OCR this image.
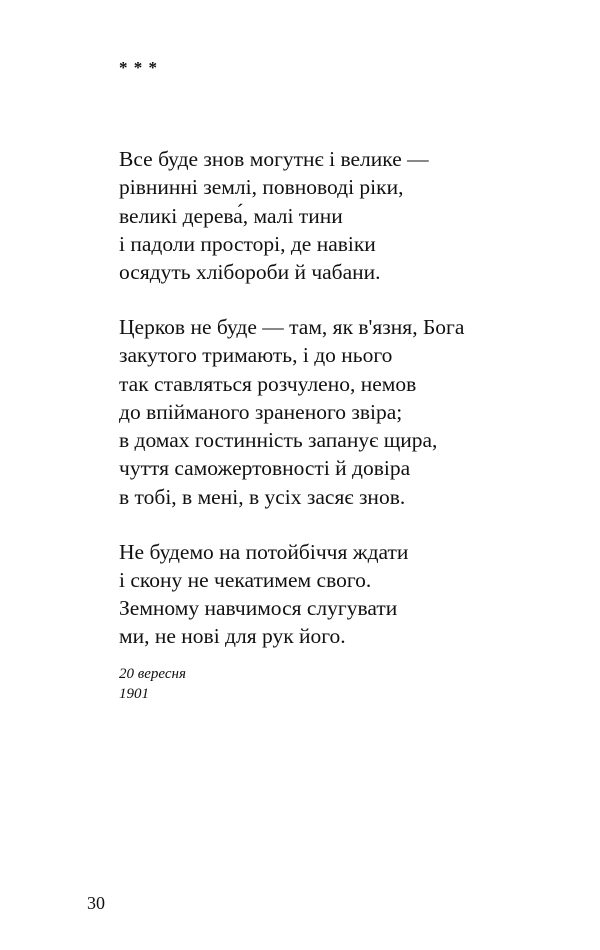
* * *
Все буде знов могутнє і велике —
рівнинні землі, повноводі ріки,
великі дерева́, малі тини
і падоли просторі, де навіки
осядуть хлібороби й чабани.
Церков не буде — там, як в'язня, Бога
закутого тримають, і до нього
так ставляться розчулено, немов
до впійманого зраненого звіра;
в домах гостинність запанує щира,
чуття саможертовності й довіра
в тобі, в мені, в усіх засяє знов.
Не будемо на потойбіччя ждати
і скону не чекатимем свого.
Земному навчимося слугувати
ми, не нові для рук його.
20 вересня
1901
30
